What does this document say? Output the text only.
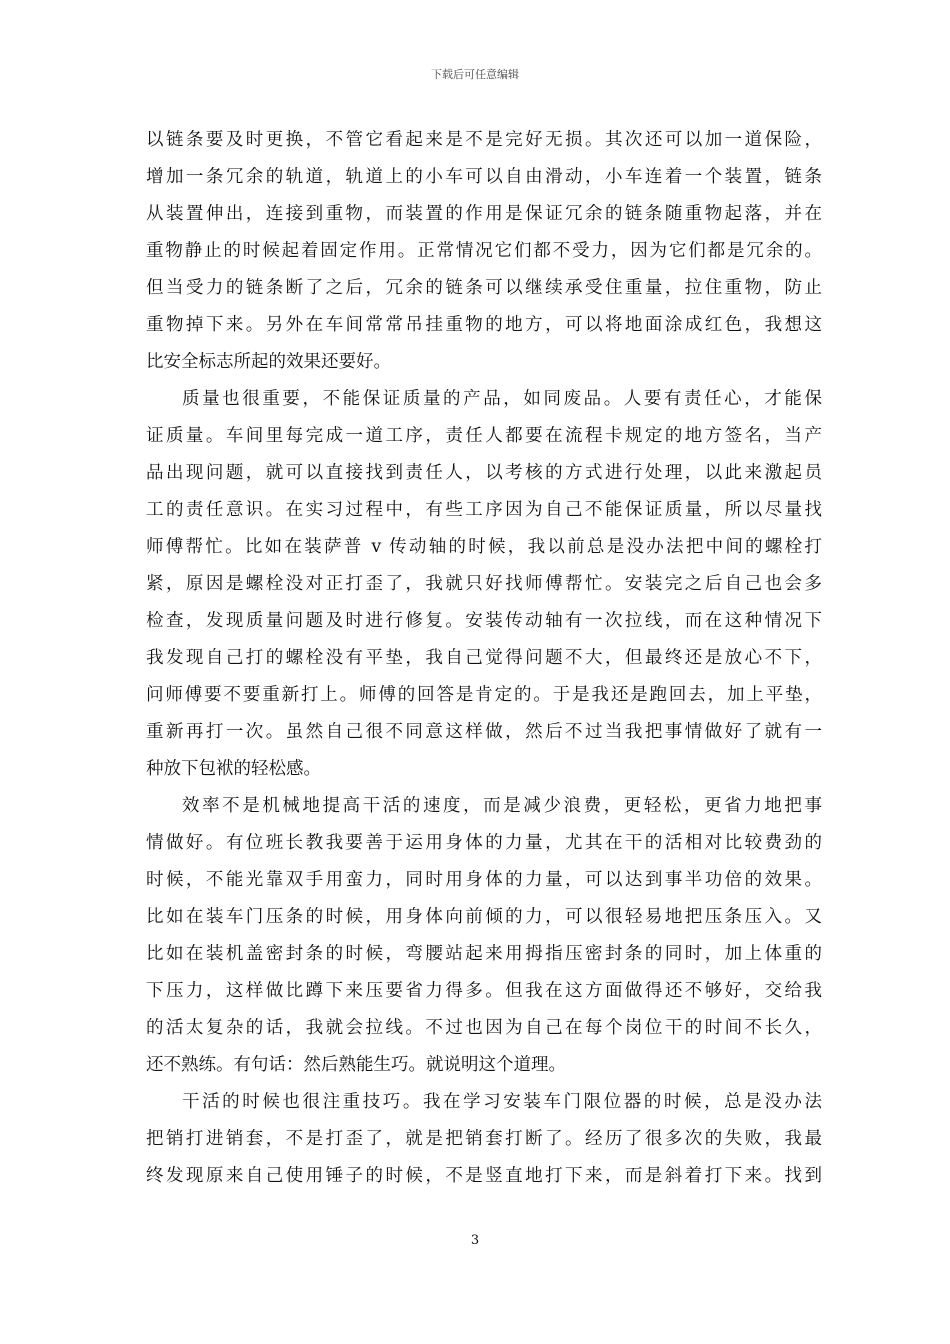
下载后可任意编辑
以链条要及时更换，不管它看起来是不是完好无损。其次还可以加一道保险，
增加一条冗余的轨道，轨道上的小车可以自由滑动，小车连着一个装置，链条
从装置伸出，连接到重物，而装置的作用是保证冗余的链条随重物起落，并在
重物静止的时候起着固定作用。正常情况它们都不受力，因为它们都是冗余的。
但当受力的链条断了之后，冗余的链条可以继续承受住重量，拉住重物，防止
重物掉下来。另外在车间常常吊挂重物的地方，可以将地面涂成红色，我想这
比安全标志所起的效果还要好。
质量也很重要，不能保证质量的产品，如同废品。人要有责任心，才能保
证质量。车间里每完成一道工序，责任人都要在流程卡规定的地方签名，当产
品出现问题，就可以直接找到责任人，以考核的方式进行处理，以此来激起员
工的责任意识。在实习过程中，有些工序因为自己不能保证质量，所以尽量找
师傅帮忙。比如在装萨普 v 传动轴的时候，我以前总是没办法把中间的螺栓打
紧，原因是螺栓没对正打歪了，我就只好找师傅帮忙。安装完之后自己也会多
检查，发现质量问题及时进行修复。安装传动轴有一次拉线，而在这种情况下
我发现自己打的螺栓没有平垫，我自己觉得问题不大，但最终还是放心不下，
问师傅要不要重新打上。师傅的回答是肯定的。于是我还是跑回去，加上平垫，
重新再打一次。虽然自己很不同意这样做，然后不过当我把事情做好了就有一
种放下包袱的轻松感。
效率不是机械地提高干活的速度，而是减少浪费，更轻松，更省力地把事
情做好。有位班长教我要善于运用身体的力量，尤其在干的活相对比较费劲的
时候，不能光靠双手用蛮力，同时用身体的力量，可以达到事半功倍的效果。
比如在装车门压条的时候，用身体向前倾的力，可以很轻易地把压条压入。又
比如在装机盖密封条的时候，弯腰站起来用拇指压密封条的同时，加上体重的
下压力，这样做比蹲下来压要省力得多。但我在这方面做得还不够好，交给我
的活太复杂的话，我就会拉线。不过也因为自己在每个岗位干的时间不长久，
还不熟练。有句话：然后熟能生巧。就说明这个道理。
干活的时候也很注重技巧。我在学习安装车门限位器的时候，总是没办法
把销打进销套，不是打歪了，就是把销套打断了。经历了很多次的失败，我最
终发现原来自己使用锤子的时候，不是竖直地打下来，而是斜着打下来。找到
3
